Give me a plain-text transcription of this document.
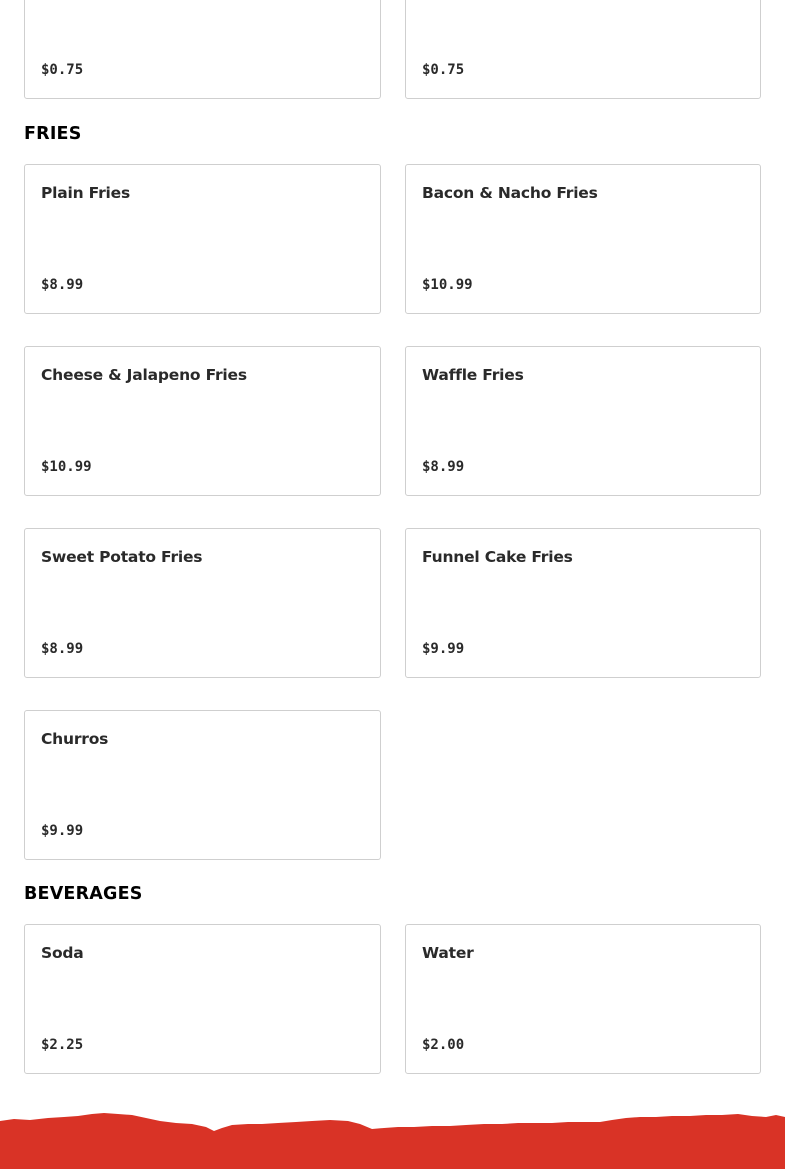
$0.75	$0.75
FRIES
Plain Fries
$8.99
Bacon & Nacho Fries
$10.99
Cheese & Jalapeno Fries
$10.99
Waffle Fries
$8.99
Sweet Potato Fries
$8.99
Funnel Cake Fries
$9.99
Churros
$9.99
BEVERAGES
Soda
$2.25
Water
$2.00
